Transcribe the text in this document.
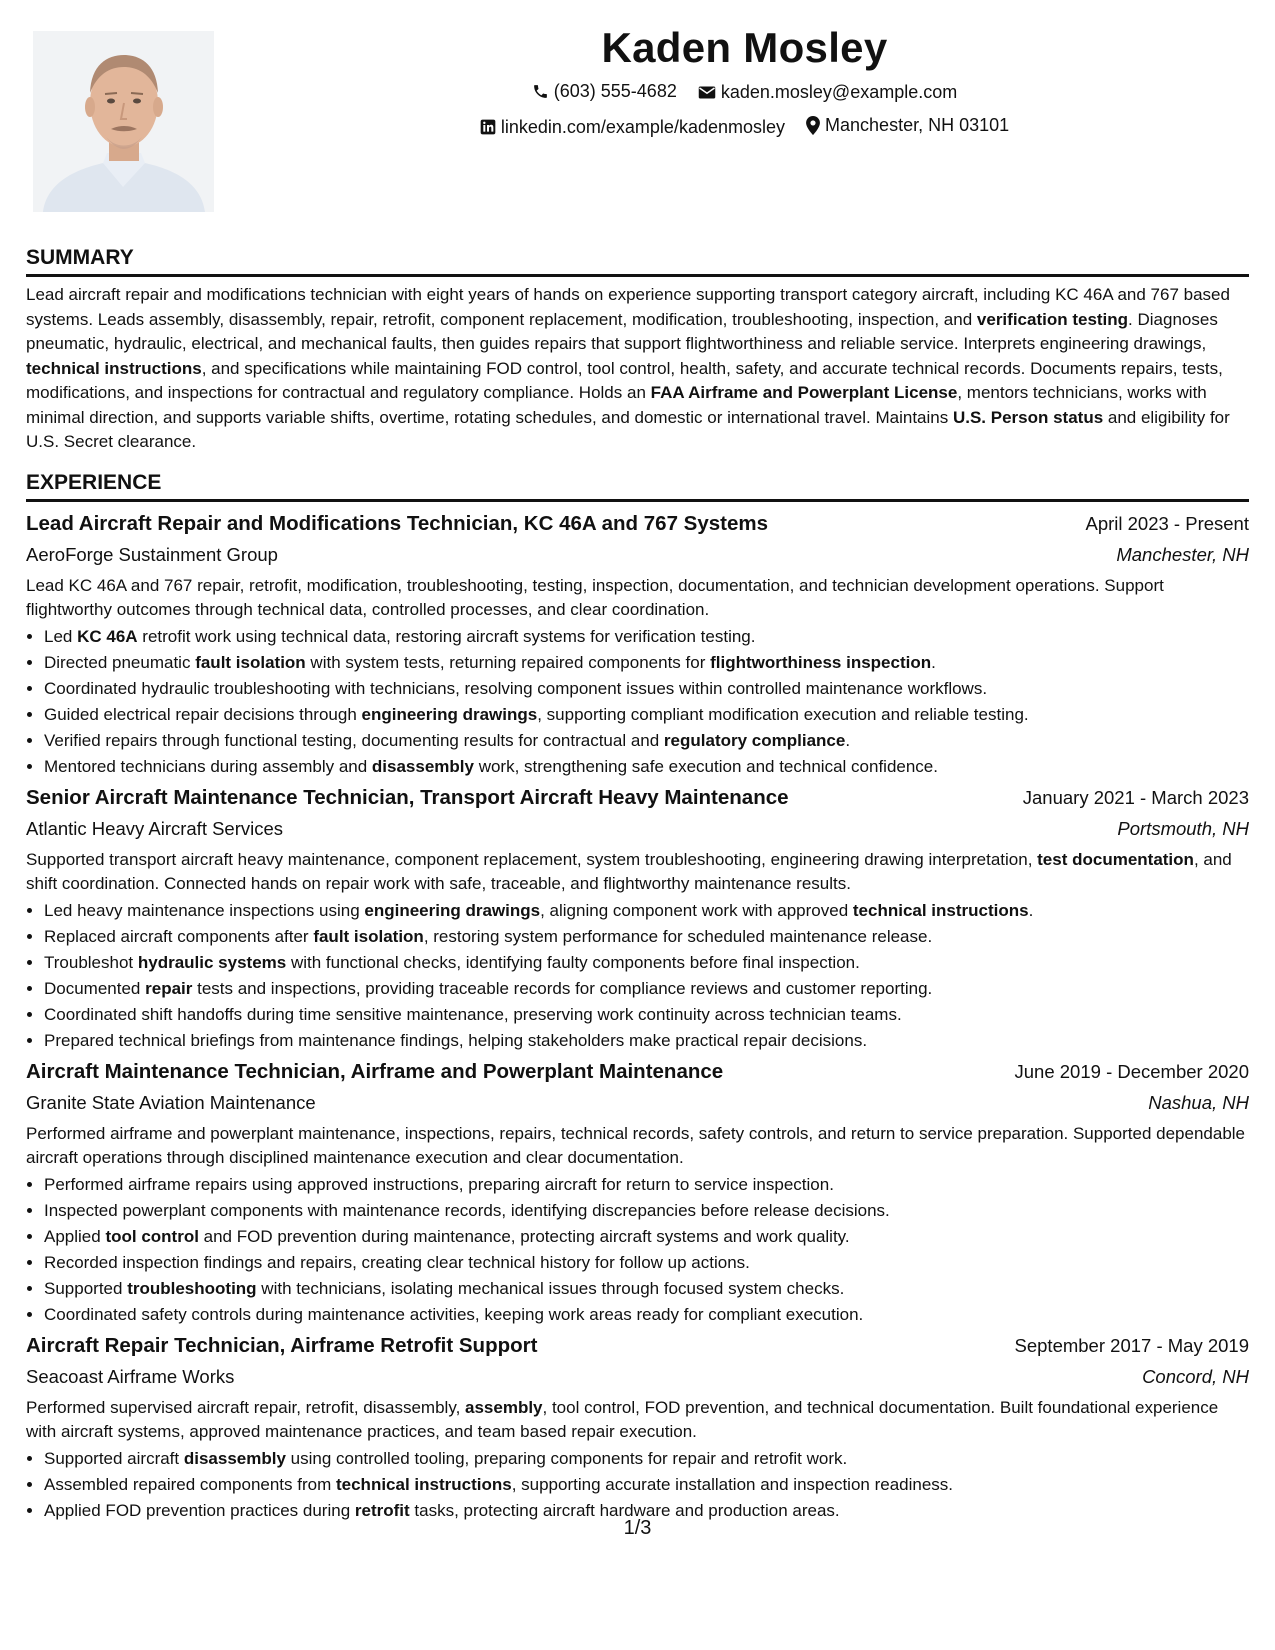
Kaden Mosley
(603) 555-4682
kaden.mosley@example.com
linkedin.com/example/kadenmosley
Manchester, NH 03101
SUMMARY

Lead aircraft repair and modifications technician with eight years of hands on experience supporting transport category aircraft, including KC 46A and 767 based systems. Leads assembly, disassembly, repair, retrofit, component replacement, modification, troubleshooting, inspection, and verification testing. Diagnoses pneumatic, hydraulic, electrical, and mechanical faults, then guides repairs that support flightworthiness and reliable service. Interprets engineering drawings, technical instructions, and specifications while maintaining FOD control, tool control, health, safety, and accurate technical records. Documents repairs, tests, modifications, and inspections for contractual and regulatory compliance. Holds an FAA Airframe and Powerplant License, mentors technicians, works with minimal direction, and supports variable shifts, overtime, rotating schedules, and domestic or international travel. Maintains U.S. Person status and eligibility for U.S. Secret clearance.

EXPERIENCE
Lead Aircraft Repair and Modifications Technician, KC 46A and 767 Systems	April 2023 - Present
AeroForge Sustainment Group	Manchester, NH

Lead KC 46A and 767 repair, retrofit, modification, troubleshooting, testing, inspection, documentation, and technician development operations. Support flightworthy outcomes through technical data, controlled processes, and clear coordination.

• Led KC 46A retrofit work using technical data, restoring aircraft systems for verification testing.
• Directed pneumatic fault isolation with system tests, returning repaired components for flightworthiness inspection.
• Coordinated hydraulic troubleshooting with technicians, resolving component issues within controlled maintenance workflows.
• Guided electrical repair decisions through engineering drawings, supporting compliant modification execution and reliable testing.
• Verified repairs through functional testing, documenting results for contractual and regulatory compliance.
• Mentored technicians during assembly and disassembly work, strengthening safe execution and technical confidence.
Senior Aircraft Maintenance Technician, Transport Aircraft Heavy Maintenance	January 2021 - March 2023
Atlantic Heavy Aircraft Services	Portsmouth, NH

Supported transport aircraft heavy maintenance, component replacement, system troubleshooting, engineering drawing interpretation, test documentation, and shift coordination. Connected hands on repair work with safe, traceable, and flightworthy maintenance results.

• Led heavy maintenance inspections using engineering drawings, aligning component work with approved technical instructions.
• Replaced aircraft components after fault isolation, restoring system performance for scheduled maintenance release.
• Troubleshot hydraulic systems with functional checks, identifying faulty components before final inspection.
• Documented repair tests and inspections, providing traceable records for compliance reviews and customer reporting.
• Coordinated shift handoffs during time sensitive maintenance, preserving work continuity across technician teams.
• Prepared technical briefings from maintenance findings, helping stakeholders make practical repair decisions.
Aircraft Maintenance Technician, Airframe and Powerplant Maintenance	June 2019 - December 2020
Granite State Aviation Maintenance	Nashua, NH

Performed airframe and powerplant maintenance, inspections, repairs, technical records, safety controls, and return to service preparation. Supported dependable aircraft operations through disciplined maintenance execution and clear documentation.

• Performed airframe repairs using approved instructions, preparing aircraft for return to service inspection.
• Inspected powerplant components with maintenance records, identifying discrepancies before release decisions.
• Applied tool control and FOD prevention during maintenance, protecting aircraft systems and work quality.
• Recorded inspection findings and repairs, creating clear technical history for follow up actions.
• Supported troubleshooting with technicians, isolating mechanical issues through focused system checks.
• Coordinated safety controls during maintenance activities, keeping work areas ready for compliant execution.
Aircraft Repair Technician, Airframe Retrofit Support	September 2017 - May 2019
Seacoast Airframe Works	Concord, NH

Performed supervised aircraft repair, retrofit, disassembly, assembly, tool control, FOD prevention, and technical documentation. Built foundational experience with aircraft systems, approved maintenance practices, and team based repair execution.

• Supported aircraft disassembly using controlled tooling, preparing components for repair and retrofit work.
• Assembled repaired components from technical instructions, supporting accurate installation and inspection readiness.
• Applied FOD prevention practices during retrofit tasks, protecting aircraft hardware and production areas.
1/3
